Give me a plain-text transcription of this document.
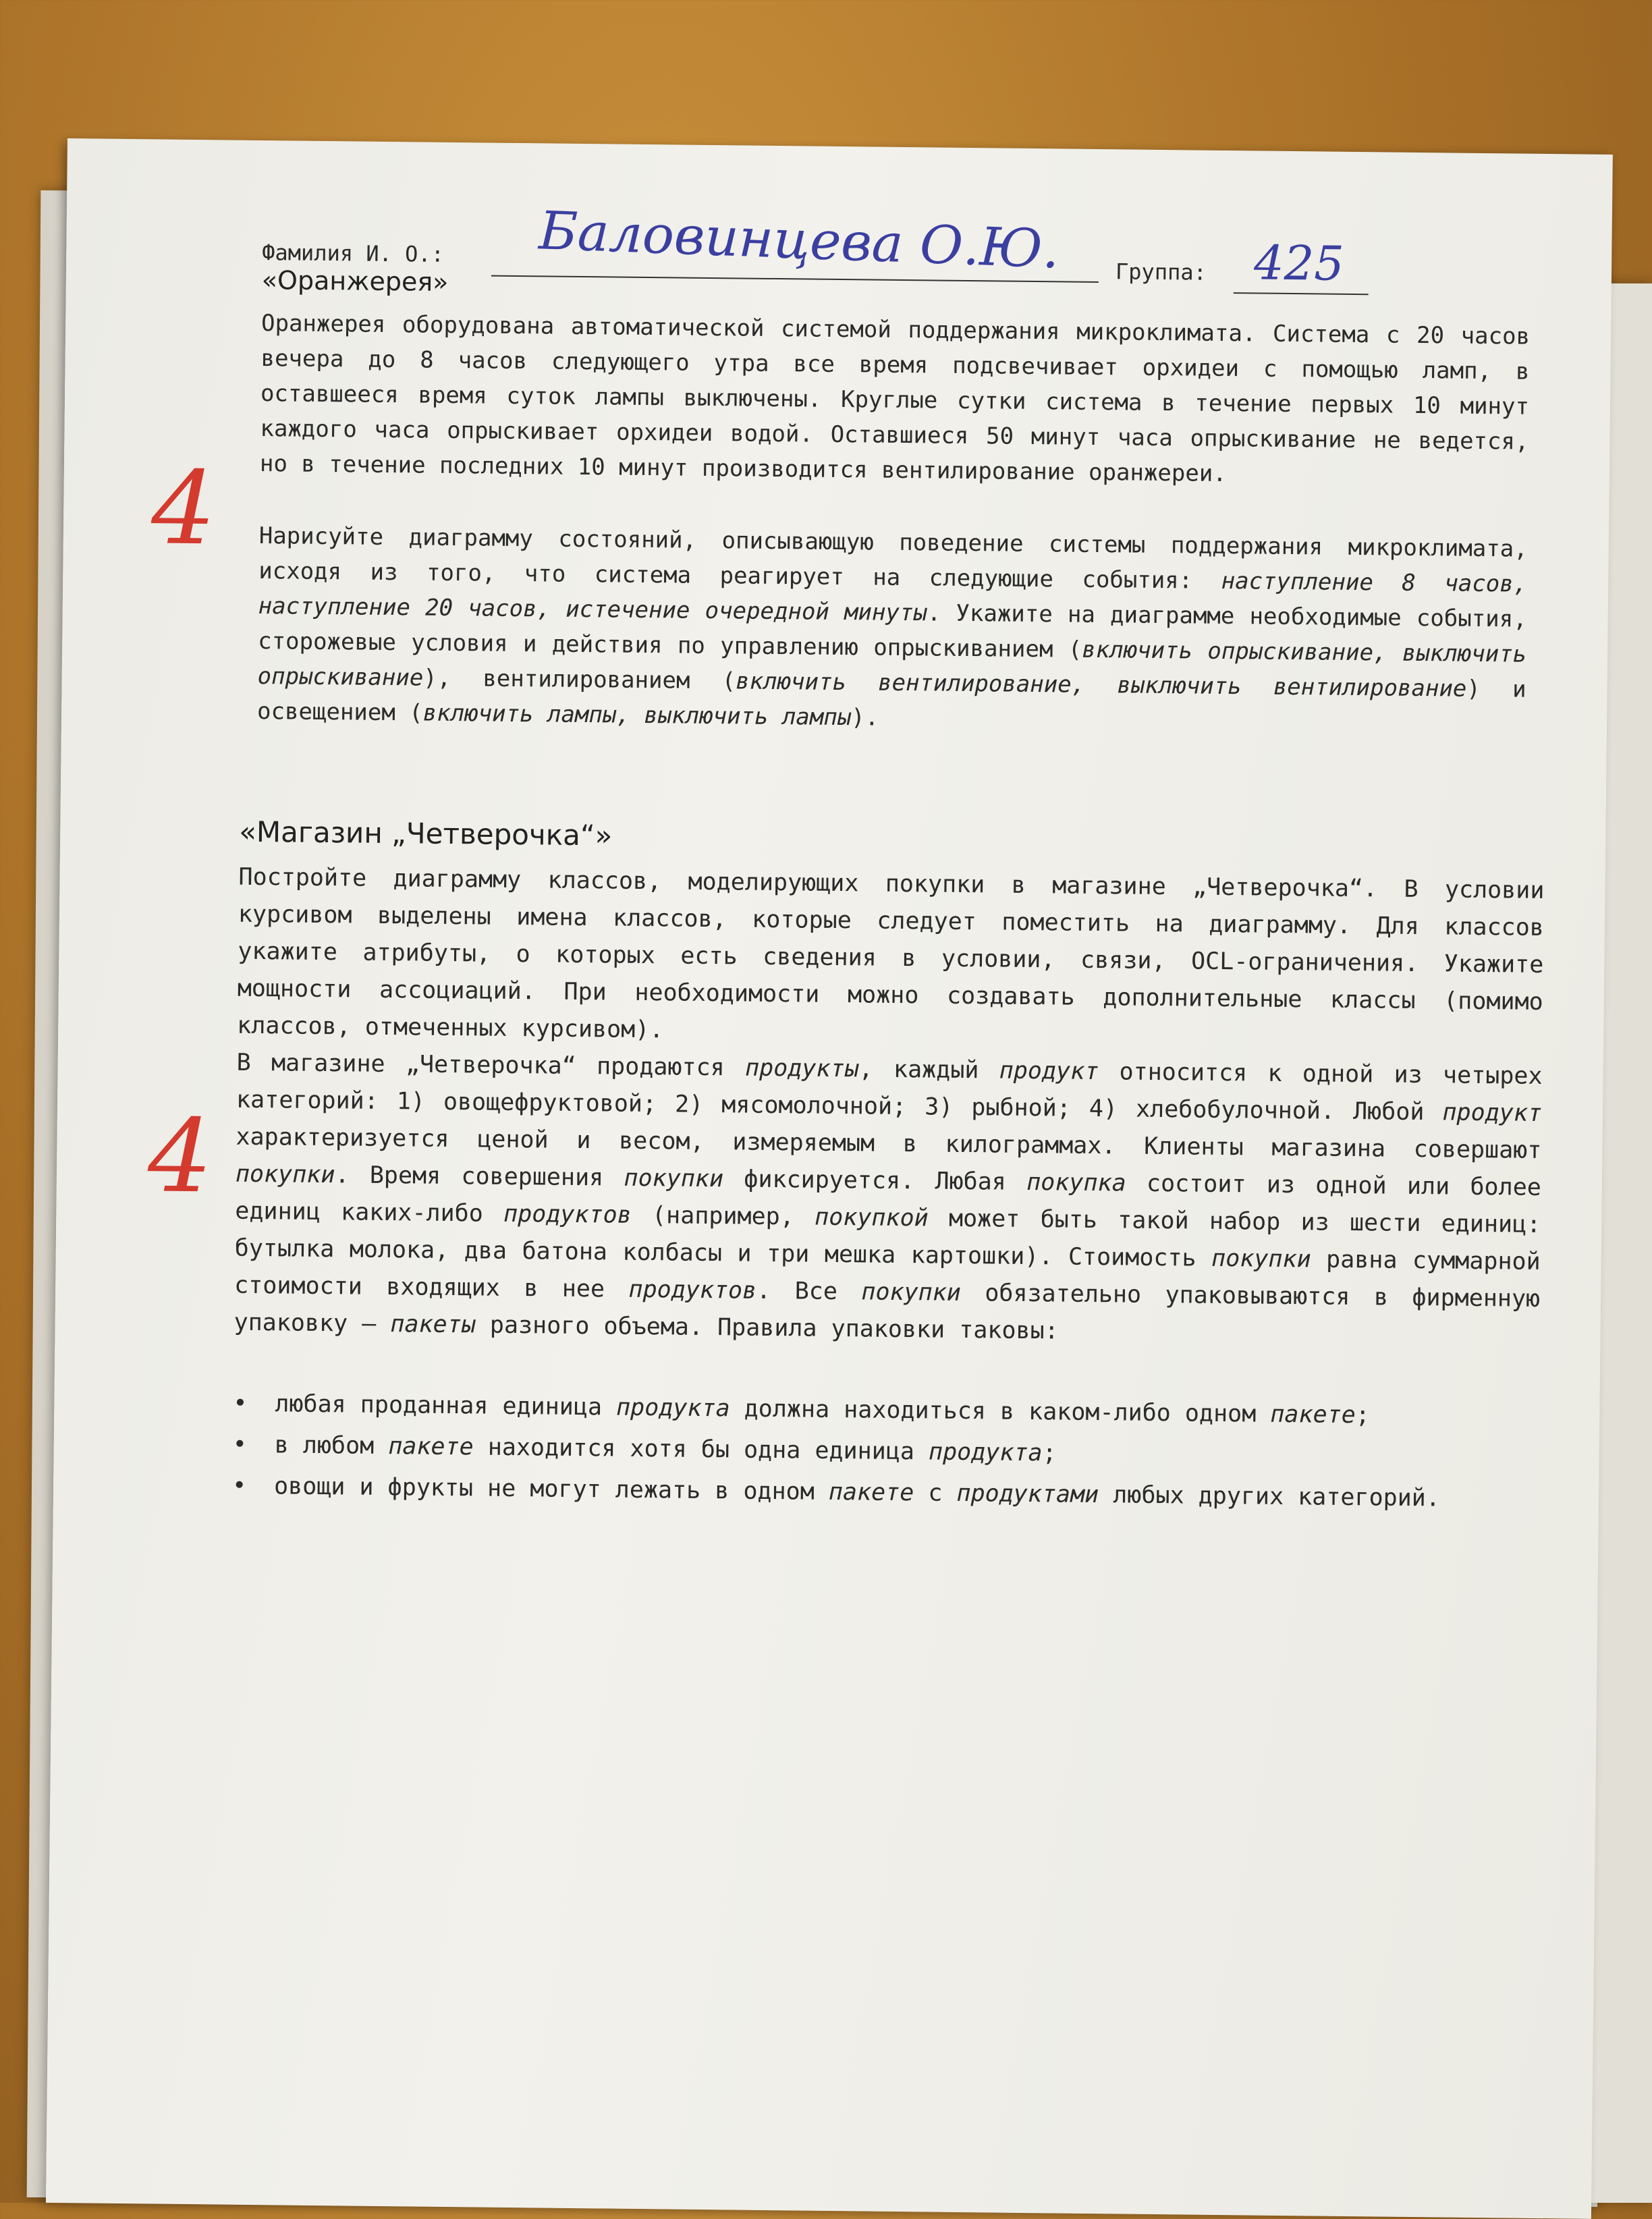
Фамилия И. О.: Баловинцева О.Ю.	Группа: 425
«Оранжерея»
4
Оранжерея оборудована автоматической системой поддержания микроклимата. Система с 20 часов вечера до 8 часов следующего утра все время подсвечивает орхидеи с помощью ламп, в оставшееся время суток лампы выключены. Круглые сутки система в течение первых 10 минут каждого часа опрыскивает орхидеи водой. Оставшиеся 50 минут часа опрыскивание не ведется, но в течение последних 10 минут производится вентилирование оранжереи.
Нарисуйте диаграмму состояний, описывающую поведение системы поддержания микроклимата, исходя из того, что система реагирует на следующие события: наступление 8 часов, наступление 20 часов, истечение очередной минуты. Укажите на диаграмме необходимые события, сторожевые условия и действия по управлению опрыскиванием (включить опрыскивание, выключить опрыскивание), вентилированием (включить вентилирование, выключить вентилирование) и освещением (включить лампы, выключить лампы).
«Магазин „Четверочка“»
4
Постройте диаграмму классов, моделирующих покупки в магазине „Четверочка“. В условии курсивом выделены имена классов, которые следует поместить на диаграмму. Для классов укажите атрибуты, о которых есть сведения в условии, связи, OCL-ограничения. Укажите мощности ассоциаций. При необходимости можно создавать дополнительные классы (помимо классов, отмеченных курсивом).
В магазине „Четверочка“ продаются продукты, каждый продукт относится к одной из четырех категорий: 1) овощефруктовой; 2) мясомолочной; 3) рыбной; 4) хлебобулочной. Любой продукт характеризуется ценой и весом, измеряемым в килограммах. Клиенты магазина совершают покупки. Время совершения покупки фиксируется. Любая покупка состоит из одной или более единиц каких-либо продуктов (например, покупкой может быть такой набор из шести единиц: бутылка молока, два батона колбасы и три мешка картошки). Стоимость покупки равна суммарной стоимости входящих в нее продуктов. Все покупки обязательно упаковываются в фирменную упаковку – пакеты разного объема. Правила упаковки таковы:
• любая проданная единица продукта должна находиться в каком-либо одном пакете;
• в любом пакете находится хотя бы одна единица продукта;
• овощи и фрукты не могут лежать в одном пакете с продуктами любых других категорий.
